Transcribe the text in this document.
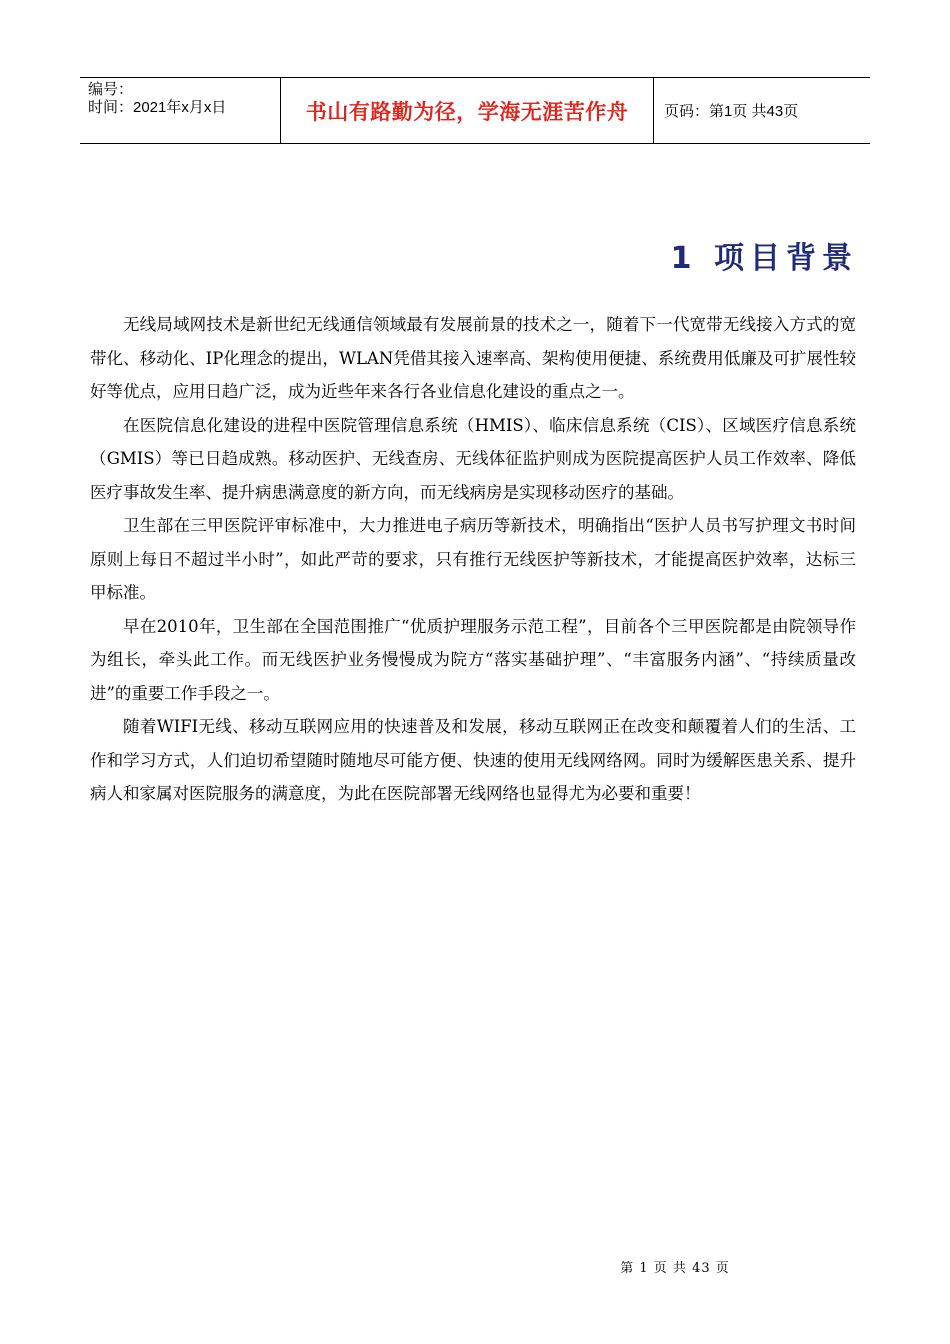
编号：
时间：2021年x月x日	书山有路勤为径，学海无涯苦作舟 页码：第1页 共43页
1 项目背景

无线局域网技术是新世纪无线通信领域最有发展前景的技术之一，随着下一代宽带无线接入方式的宽带化、移动化、IP化理念的提出，WLAN凭借其接入速率高、架构使用便捷、系统费用低廉及可扩展性较好等优点，应用日趋广泛，成为近些年来各行各业信息化建设的重点之一。

在医院信息化建设的进程中医院管理信息系统（HMIS）、临床信息系统（CIS）、区域医疗信息系统（GMIS）等已日趋成熟。移动医护、无线查房、无线体征监护则成为医院提高医护人员工作效率、降低医疗事故发生率、提升病患满意度的新方向，而无线病房是实现移动医疗的基础。

卫生部在三甲医院评审标准中，大力推进电子病历等新技术，明确指出“医护人员书写护理文书时间原则上每日不超过半小时”，如此严苛的要求，只有推行无线医护等新技术，才能提高医护效率，达标三甲标准。

早在2010年，卫生部在全国范围推广“优质护理服务示范工程”，目前各个三甲医院都是由院领导作为组长，牵头此工作。而无线医护业务慢慢成为院方“落实基础护理”、“丰富服务内涵”、“持续质量改进”的重要工作手段之一。

随着WIFI无线、移动互联网应用的快速普及和发展，移动互联网正在改变和颠覆着人们的生活、工作和学习方式，人们迫切希望随时随地尽可能方便、快速的使用无线网络网。同时为缓解医患关系、提升病人和家属对医院服务的满意度，为此在医院部署无线网络也显得尤为必要和重要！

第 1 页 共 43 页
